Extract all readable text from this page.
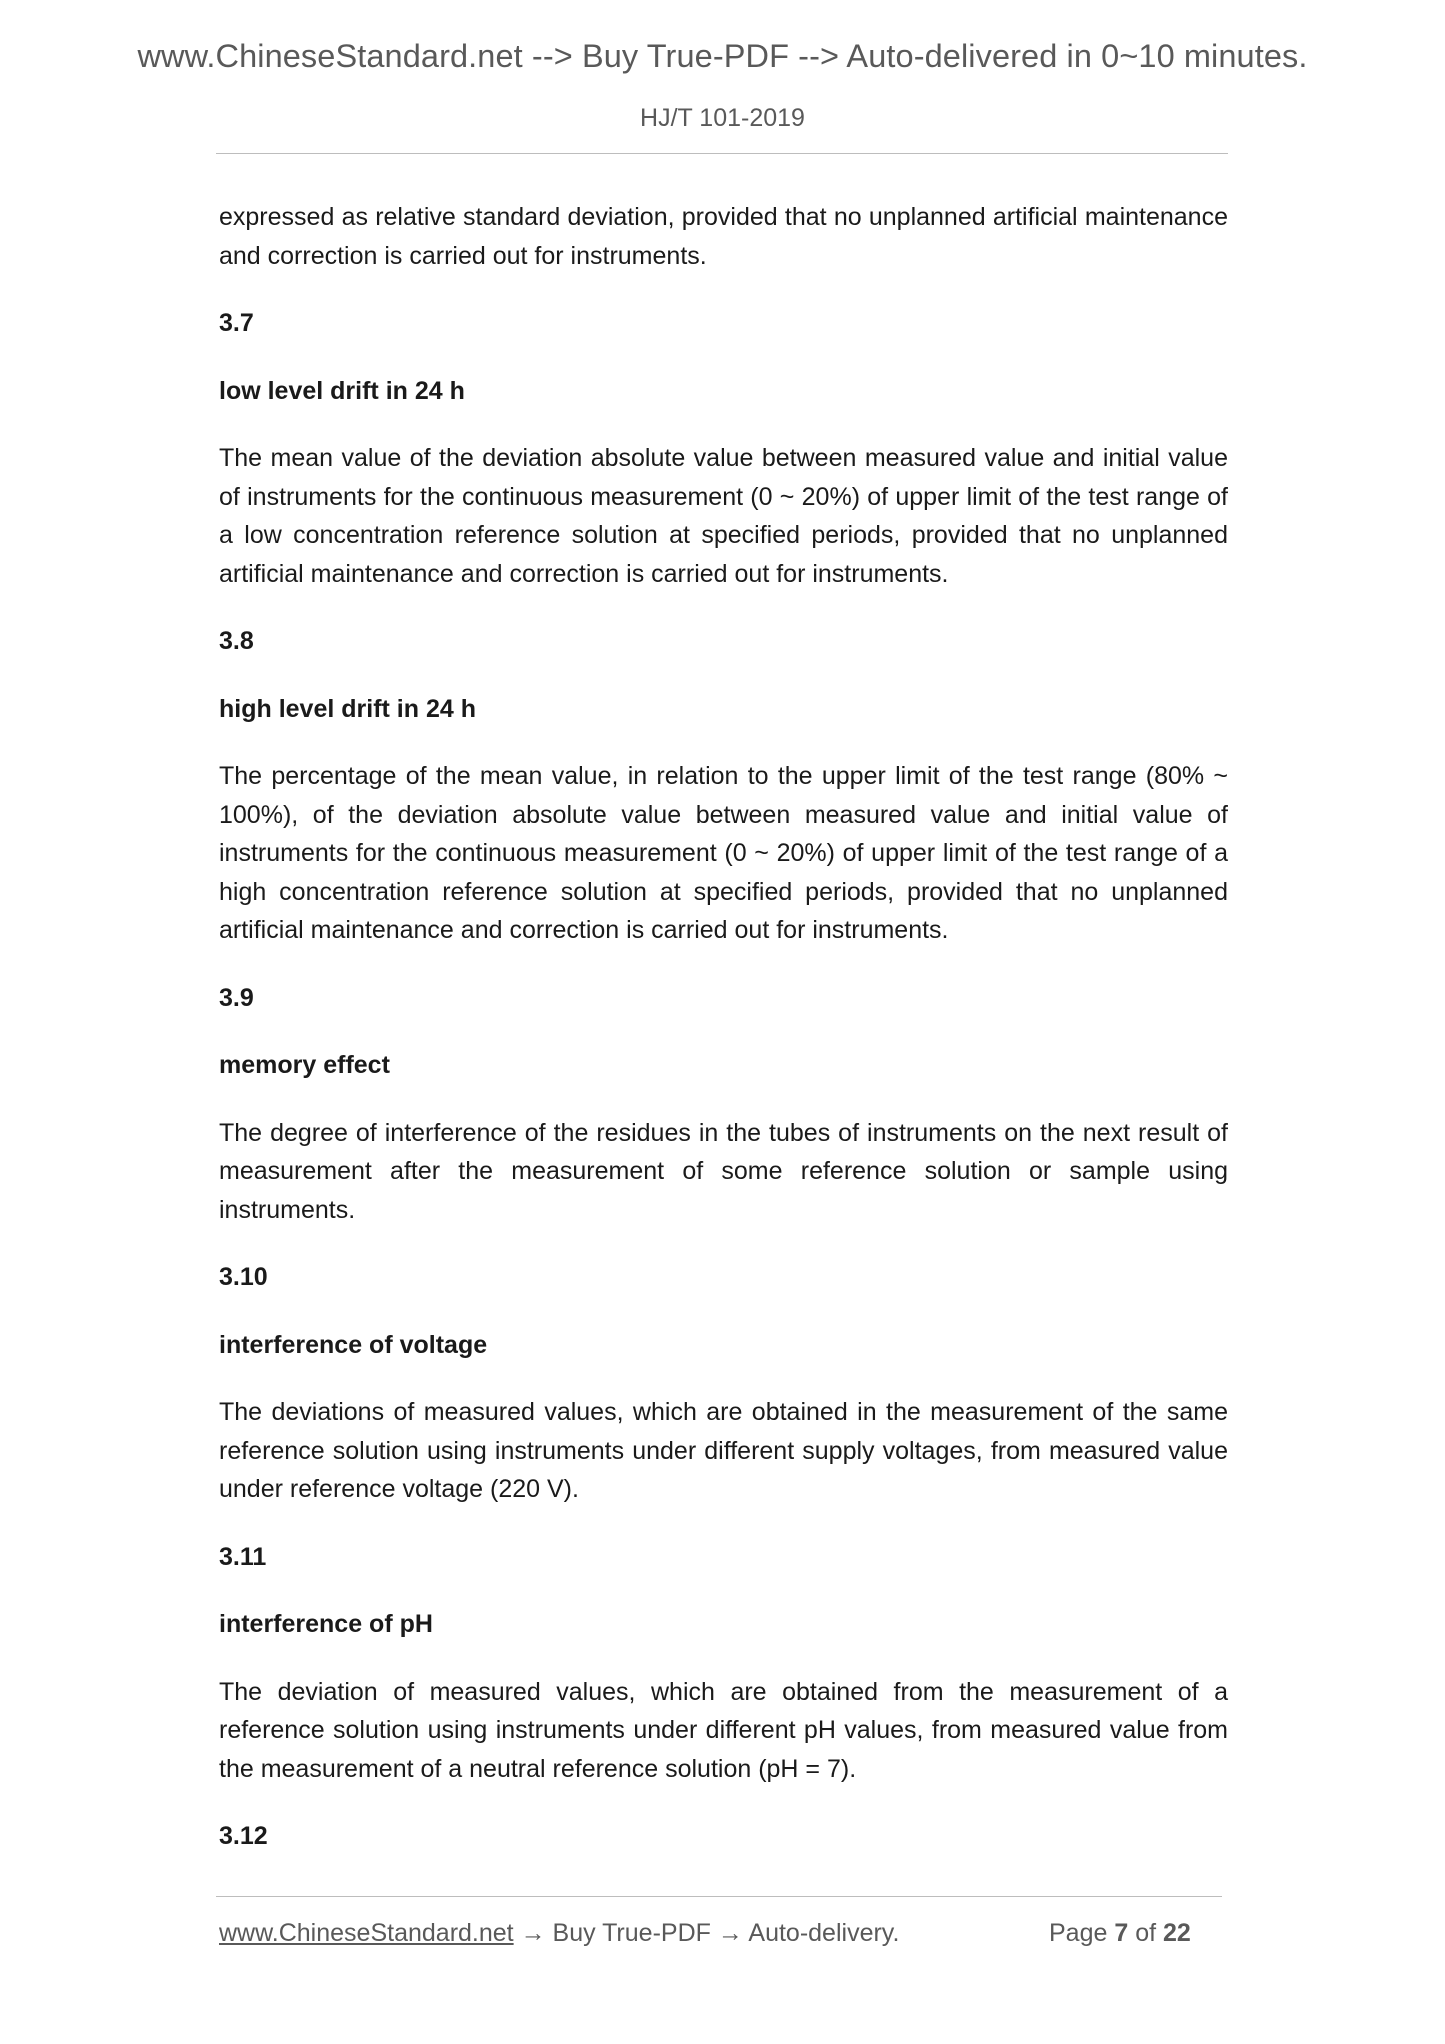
www.ChineseStandard.net --> Buy True-PDF --> Auto-delivered in 0~10 minutes.
HJ/T 101-2019

expressed as relative standard deviation, provided that no unplanned artificial maintenance and correction is carried out for instruments.

3.7

low level drift in 24 h

The mean value of the deviation absolute value between measured value and initial value of instruments for the continuous measurement (0 ~ 20%) of upper limit of the test range of a low concentration reference solution at specified periods, provided that no unplanned artificial maintenance and correction is carried out for instruments.

3.8

high level drift in 24 h

The percentage of the mean value, in relation to the upper limit of the test range (80% ~ 100%), of the deviation absolute value between measured value and initial value of instruments for the continuous measurement (0 ~ 20%) of upper limit of the test range of a high concentration reference solution at specified periods, provided that no unplanned artificial maintenance and correction is carried out for instruments.

3.9

memory effect

The degree of interference of the residues in the tubes of instruments on the next result of measurement after the measurement of some reference solution or sample using instruments.

3.10

interference of voltage

The deviations of measured values, which are obtained in the measurement of the same reference solution using instruments under different supply voltages, from measured value under reference voltage (220 V).

3.11

interference of pH

The deviation of measured values, which are obtained from the measurement of a reference solution using instruments under different pH values, from measured value from the measurement of a neutral reference solution (pH = 7).

3.12

www.ChineseStandard.net → Buy True-PDF → Auto-delivery.	Page 7 of 22
